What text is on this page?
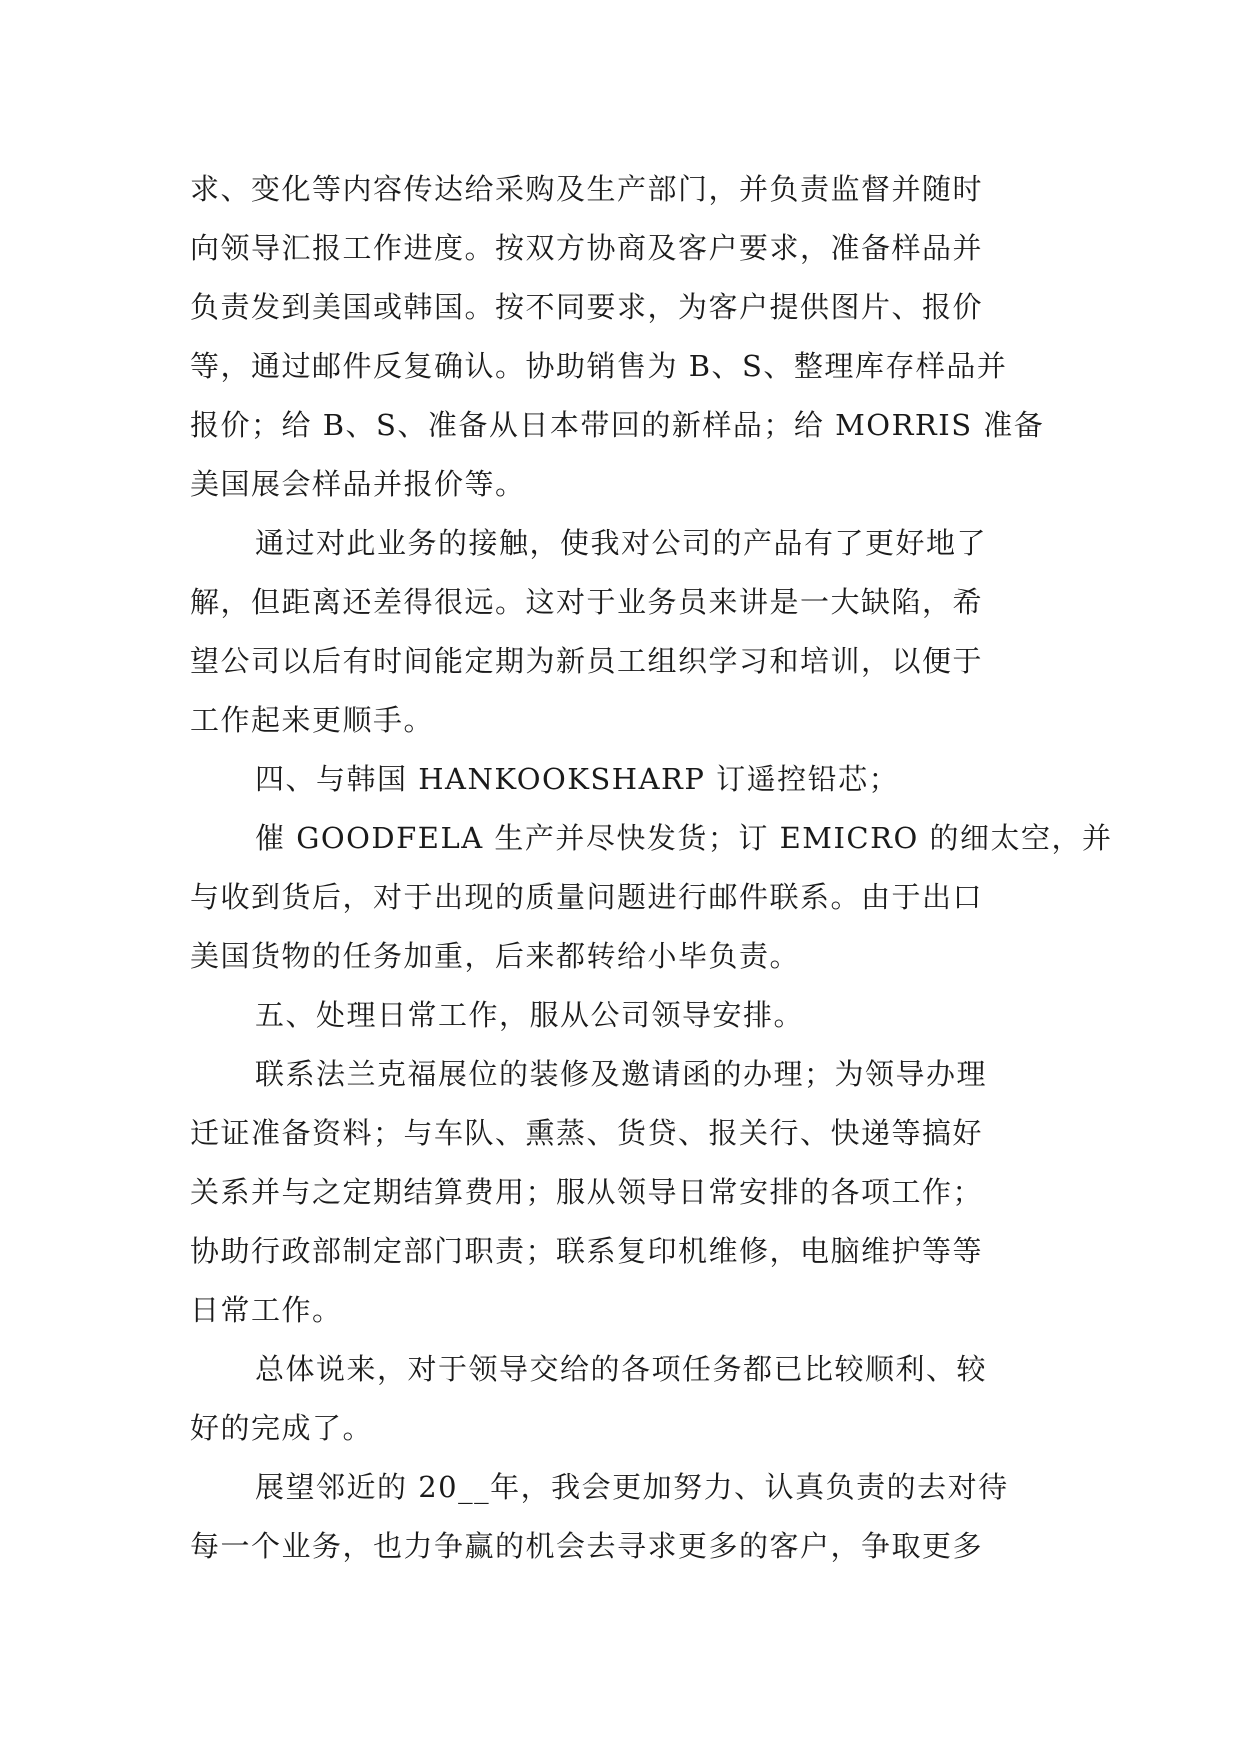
求、变化等内容传达给采购及生产部门，并负责监督并随时
向领导汇报工作进度。按双方协商及客户要求，准备样品并
负责发到美国或韩国。按不同要求，为客户提供图片、报价
等，通过邮件反复确认。协助销售为 B、S、整理库存样品并
报价；给 B、S、准备从日本带回的新样品；给 MORRIS 准备
美国展会样品并报价等。
通过对此业务的接触，使我对公司的产品有了更好地了
解，但距离还差得很远。这对于业务员来讲是一大缺陷，希
望公司以后有时间能定期为新员工组织学习和培训，以便于
工作起来更顺手。
四、与韩国 HANKOOKSHARP 订遥控铅芯；
催 GOODFELA 生产并尽快发货；订 EMICRO 的细太空，并
与收到货后，对于出现的质量问题进行邮件联系。由于出口
美国货物的任务加重，后来都转给小毕负责。
五、处理日常工作，服从公司领导安排。
联系法兰克福展位的装修及邀请函的办理；为领导办理
迁证准备资料；与车队、熏蒸、货贷、报关行、快递等搞好
关系并与之定期结算费用；服从领导日常安排的各项工作；
协助行政部制定部门职责；联系复印机维修，电脑维护等等
日常工作。
总体说来，对于领导交给的各项任务都已比较顺利、较
好的完成了。
展望邻近的 20__年，我会更加努力、认真负责的去对待
每一个业务，也力争赢的机会去寻求更多的客户，争取更多
